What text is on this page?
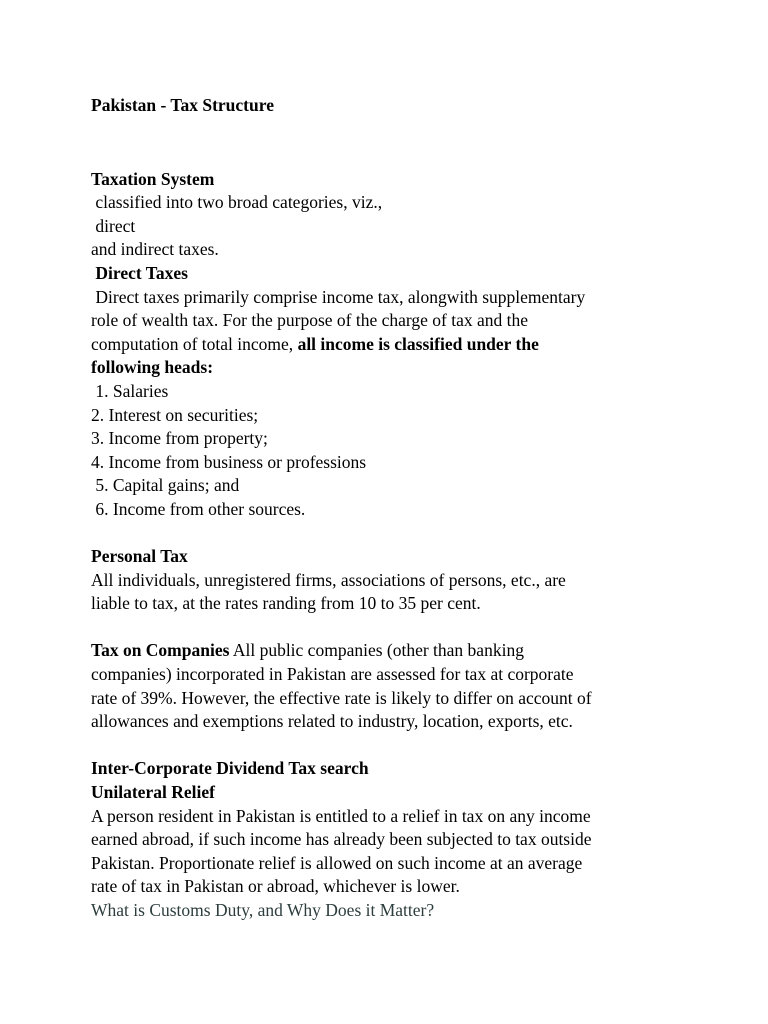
Pakistan - Tax Structure
Taxation System
classified into two broad categories, viz.,
direct
and indirect taxes.
Direct Taxes
Direct taxes primarily comprise income tax, alongwith supplementary
role of wealth tax. For the purpose of the charge of tax and the
computation of total income, all income is classified under the
following heads:
1. Salaries
2. Interest on securities;
3. Income from property;
4. Income from business or professions
5. Capital gains; and
6. Income from other sources.
Personal Tax
All individuals, unregistered firms, associations of persons, etc., are
liable to tax, at the rates randing from 10 to 35 per cent.
Tax on Companies All public companies (other than banking
companies) incorporated in Pakistan are assessed for tax at corporate
rate of 39%. However, the effective rate is likely to differ on account of
allowances and exemptions related to industry, location, exports, etc.
Inter-Corporate Dividend Tax search
Unilateral Relief
A person resident in Pakistan is entitled to a relief in tax on any income
earned abroad, if such income has already been subjected to tax outside
Pakistan. Proportionate relief is allowed on such income at an average
rate of tax in Pakistan or abroad, whichever is lower.
What is Customs Duty, and Why Does it Matter?
